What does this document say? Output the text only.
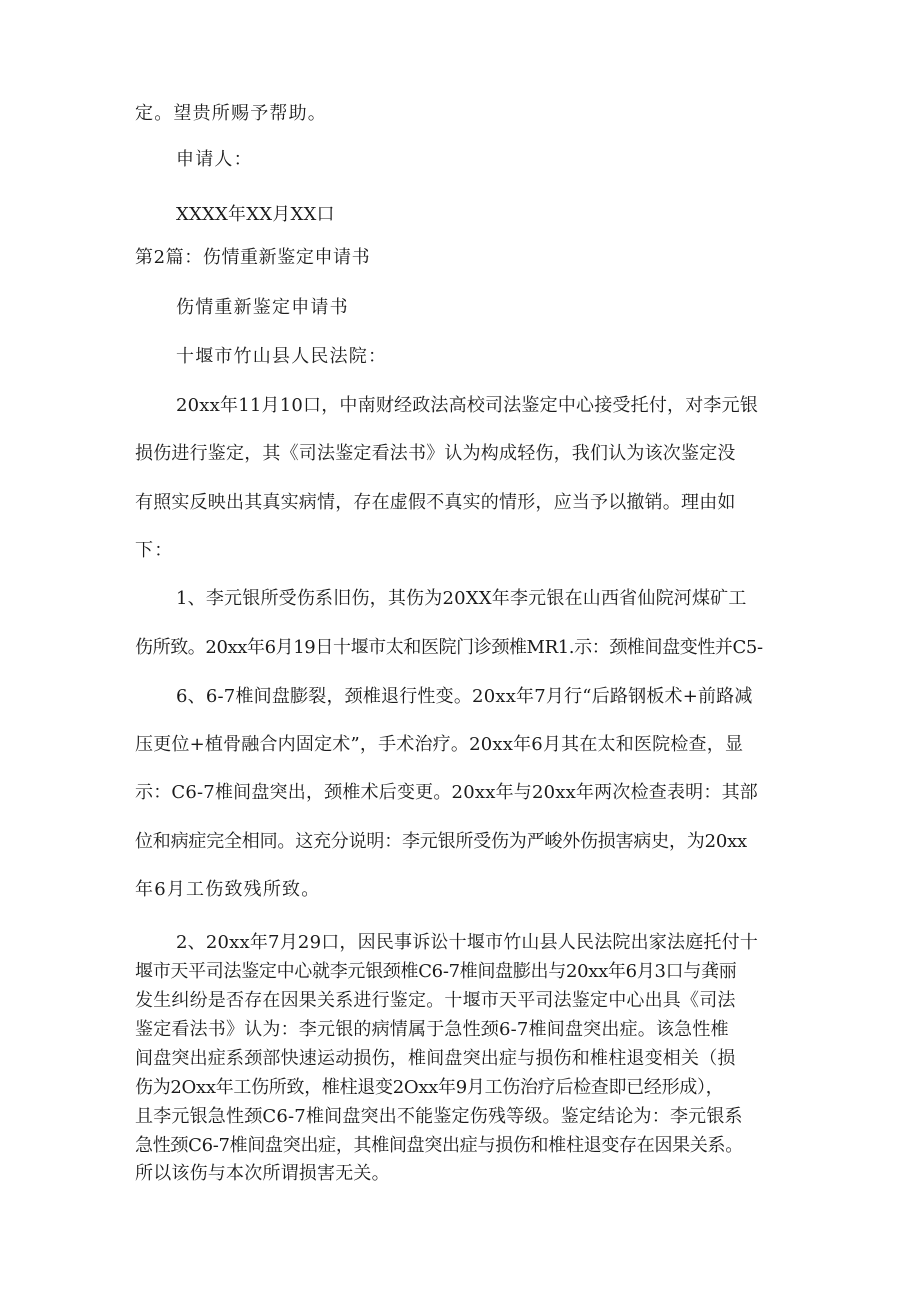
定。望贵所赐予帮助。
申请人：
XXXX年XX月XX口
第2篇：伤情重新鉴定申请书
伤情重新鉴定申请书
十堰市竹山县人民法院：
20xx年11月10口，中南财经政法高校司法鉴定中心接受托付，对李元银
损伤进行鉴定，其《司法鉴定看法书》认为构成轻伤，我们认为该次鉴定没
有照实反映出其真实病情，存在虚假不真实的情形，应当予以撤销。理由如
下：
1、李元银所受伤系旧伤，其伤为20XX年李元银在山西省仙院河煤矿工
伤所致。20xx年6月19日十堰市太和医院门诊颈椎MR1.示：颈椎间盘变性并C5-
6、6-7椎间盘膨裂，颈椎退行性变。20xx年7月行“后路钢板术+前路减
压更位+植骨融合内固定术”，手术治疗。20xx年6月其在太和医院检查，显
示：C6-7椎间盘突出，颈椎术后变更。20xx年与20xx年两次检查表明：其部
位和病症完全相同。这充分说明：李元银所受伤为严峻外伤损害病史，为20xx
年6月工伤致残所致。
2、20xx年7月29口，因民事诉讼十堰市竹山县人民法院出家法庭托付十
堰市天平司法鉴定中心就李元银颈椎C6-7椎间盘膨出与20xx年6月3口与龚丽
发生纠纷是否存在因果关系进行鉴定。十堰市天平司法鉴定中心出具《司法
鉴定看法书》认为：李元银的病情属于急性颈6-7椎间盘突出症。该急性椎
间盘突出症系颈部快速运动损伤，椎间盘突出症与损伤和椎柱退变相关（损
伤为2Oxx年工伤所致，椎柱退变2Oxx年9月工伤治疗后检查即已经形成），
且李元银急性颈C6-7椎间盘突出不能鉴定伤残等级。鉴定结论为：李元银系
急性颈C6-7椎间盘突出症，其椎间盘突出症与损伤和椎柱退变存在因果关系。
所以该伤与本次所谓损害无关。
